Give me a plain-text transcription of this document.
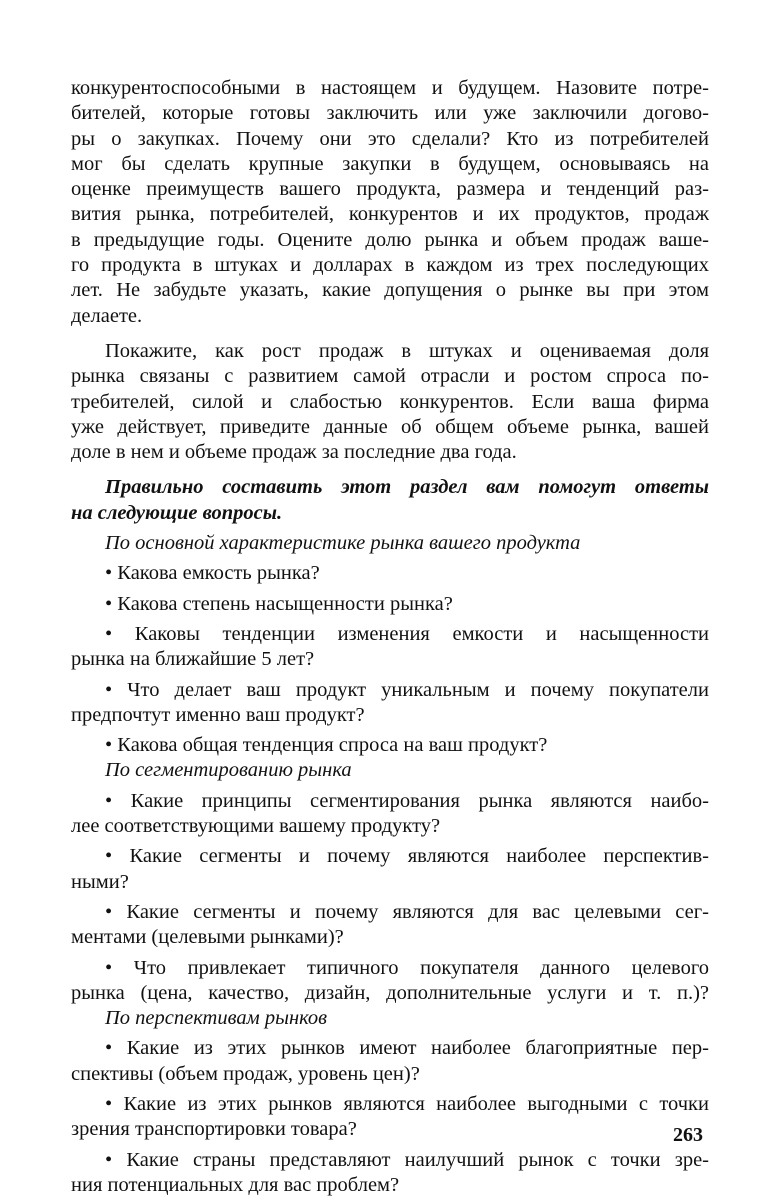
конкурентоспособными в настоящем и будущем. Назовите потре-
бителей, которые готовы заключить или уже заключили догово-
ры о закупках. Почему они это сделали? Кто из потребителей
мог бы сделать крупные закупки в будущем, основываясь на
оценке преимуществ вашего продукта, размера и тенденций раз-
вития рынка, потребителей, конкурентов и их продуктов, продаж
в предыдущие годы. Оцените долю рынка и объем продаж ваше-
го продукта в штуках и долларах в каждом из трех последующих
лет. Не забудьте указать, какие допущения о рынке вы при этом
делаете.
Покажите, как рост продаж в штуках и оцениваемая доля
рынка связаны с развитием самой отрасли и ростом спроса по-
требителей, силой и слабостью конкурентов. Если ваша фирма
уже действует, приведите данные об общем объеме рынка, вашей
доле в нем и объеме продаж за последние два года.
Правильно составить этот раздел вам помогут ответы
на следующие вопросы.
По основной характеристике рынка вашего продукта
• Какова емкость рынка?
• Какова степень насыщенности рынка?
• Каковы тенденции изменения емкости и насыщенности
рынка на ближайшие 5 лет?
• Что делает ваш продукт уникальным и почему покупатели
предпочтут именно ваш продукт?
• Какова общая тенденция спроса на ваш продукт?
По сегментированию рынка
• Какие принципы сегментирования рынка являются наибо-
лее соответствующими вашему продукту?
• Какие сегменты и почему являются наиболее перспектив-
ными?
• Какие сегменты и почему являются для вас целевыми сег-
ментами (целевыми рынками)?
• Что привлекает типичного покупателя данного целевого
рынка (цена, качество, дизайн, дополнительные услуги и т. п.)?
По перспективам рынков
• Какие из этих рынков имеют наиболее благоприятные пер-
спективы (объем продаж, уровень цен)?
• Какие из этих рынков являются наиболее выгодными с точки
зрения транспортировки товара?
• Какие страны представляют наилучший рынок с точки зре-
ния потенциальных для вас проблем?
263
